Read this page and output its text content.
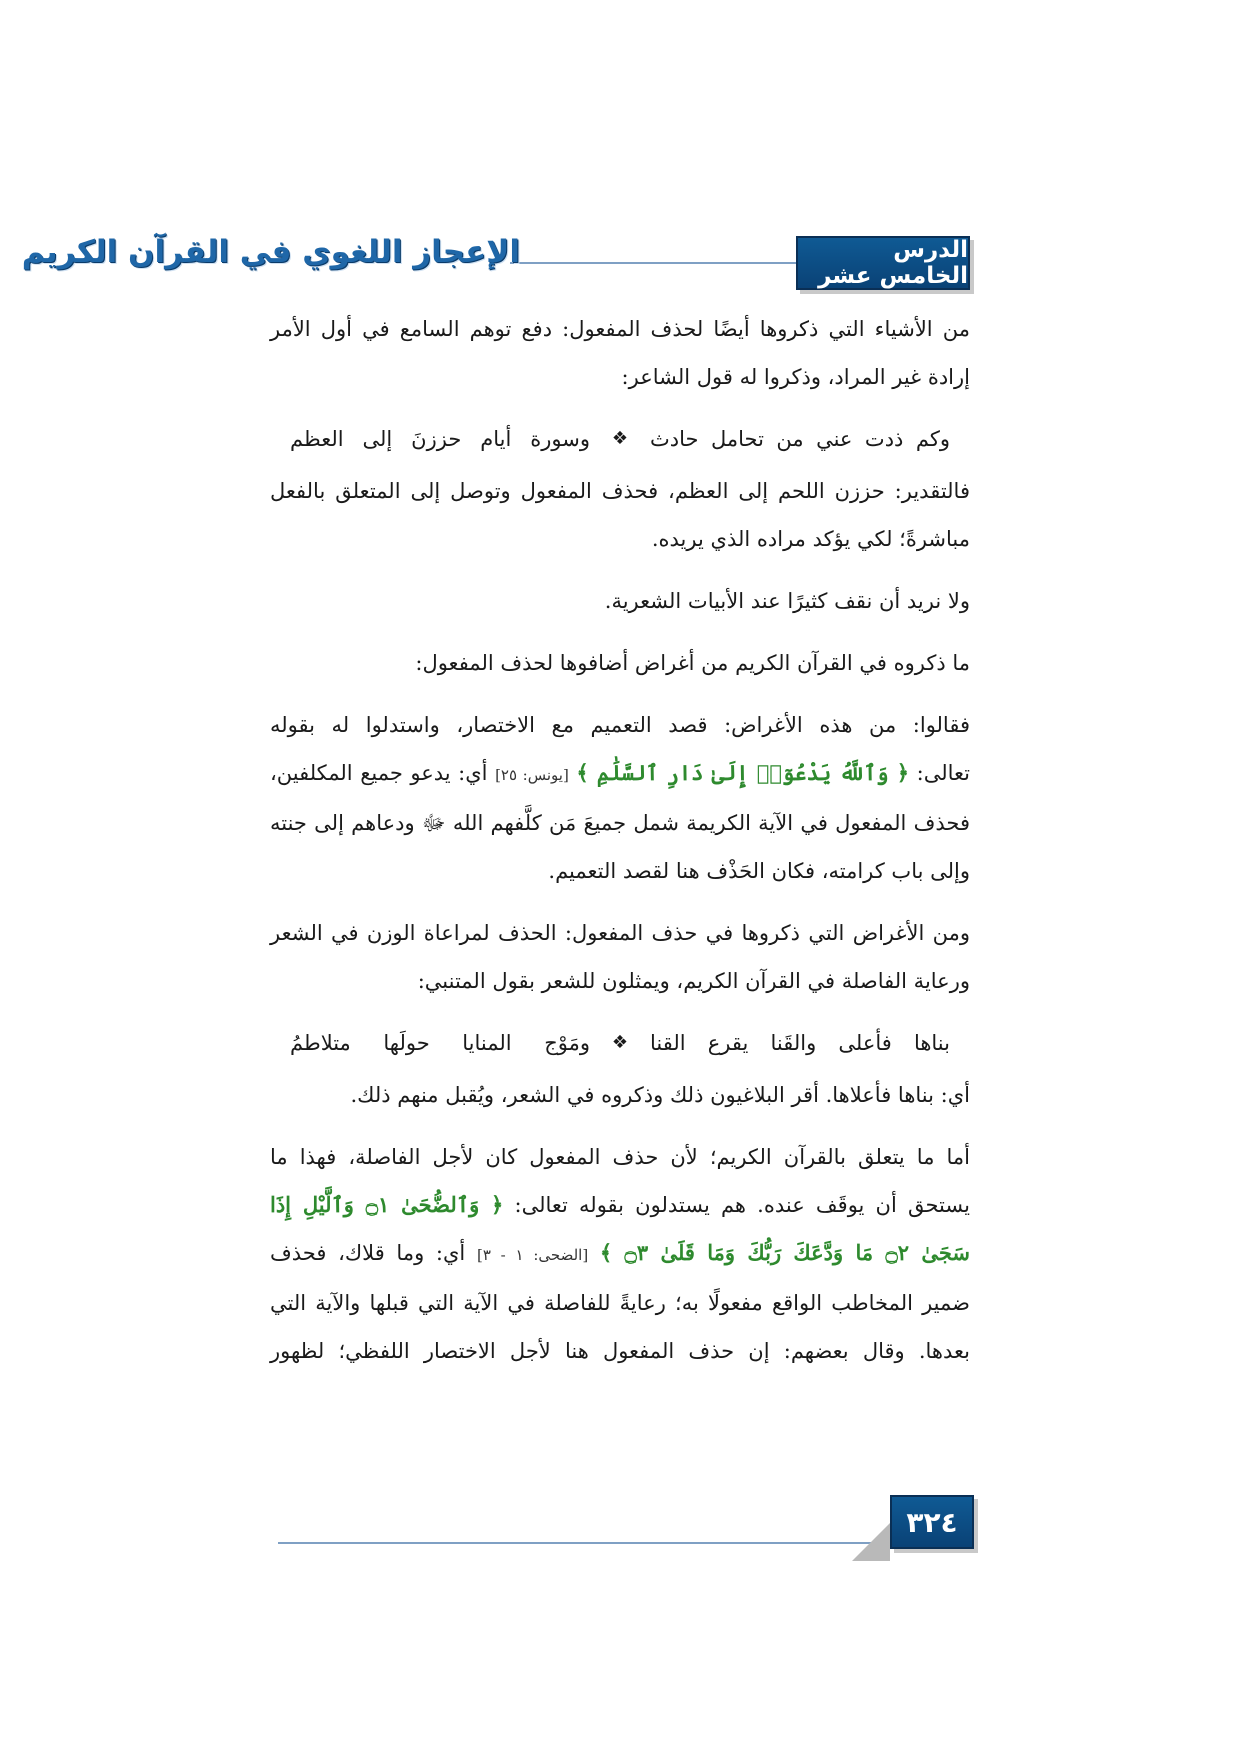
الدرس الخامس عشر
الإعجاز اللغوي في القرآن الكريم

من الأشياء التي ذكروها أيضًا لحذف المفعول: دفع توهم السامع في أول الأمر
إرادة غير المراد، وذكروا له قول الشاعر:

وكم ذدت عني من تحامل حادث
❖
وسورة أيام حززنَ إلى العظم

فالتقدير: حززن اللحم إلى العظم، فحذف المفعول وتوصل إلى المتعلق بالفعل
مباشرةً؛ لكي يؤكد مراده الذي يريده.

ولا نريد أن نقف كثيرًا عند الأبيات الشعرية.

ما ذكروه في القرآن الكريم من أغراض أضافوها لحذف المفعول:

فقالوا: من هذه الأغراض: قصد التعميم مع الاختصار، واستدلوا له بقوله
تعالى: ﴿ وَٱللَّهُ يَدْعُوٓا۟ إِلَىٰ دَارِ ٱلسَّلَٰمِ ﴾ [يونس: ٢٥] أي: يدعو جميع المكلفين،
فحذف المفعول في الآية الكريمة شمل جميعَ مَن كلَّفهم الله ﷻ ودعاهم إلى جنته
وإلى باب كرامته، فكان الحَذْف هنا لقصد التعميم.

ومن الأغراض التي ذكروها في حذف المفعول: الحذف لمراعاة الوزن في الشعر
ورعاية الفاصلة في القرآن الكريم، ويمثلون للشعر بقول المتنبي:

بناها فأعلى والقَنا يقرع القنا
❖
ومَوْج المنايا حولَها متلاطمُ

أي: بناها فأعلاها. أقر البلاغيون ذلك وذكروه في الشعر، ويُقبل منهم ذلك.

أما ما يتعلق بالقرآن الكريم؛ لأن حذف المفعول كان لأجل الفاصلة، فهذا ما
يستحق أن يوقَف عنده. هم يستدلون بقوله تعالى: ﴿ وَٱلضُّحَىٰ ۝١ وَٱلَّيْلِ إِذَا
سَجَىٰ ۝٢ مَا وَدَّعَكَ رَبُّكَ وَمَا قَلَىٰ ۝٣ ﴾ [الضحى: ١ - ٣] أي: وما قلاك، فحذف
ضمير المخاطب الواقع مفعولًا به؛ رعايةً للفاصلة في الآية التي قبلها والآية التي
بعدها. وقال بعضهم: إن حذف المفعول هنا لأجل الاختصار اللفظي؛ لظهور

٣٢٤
